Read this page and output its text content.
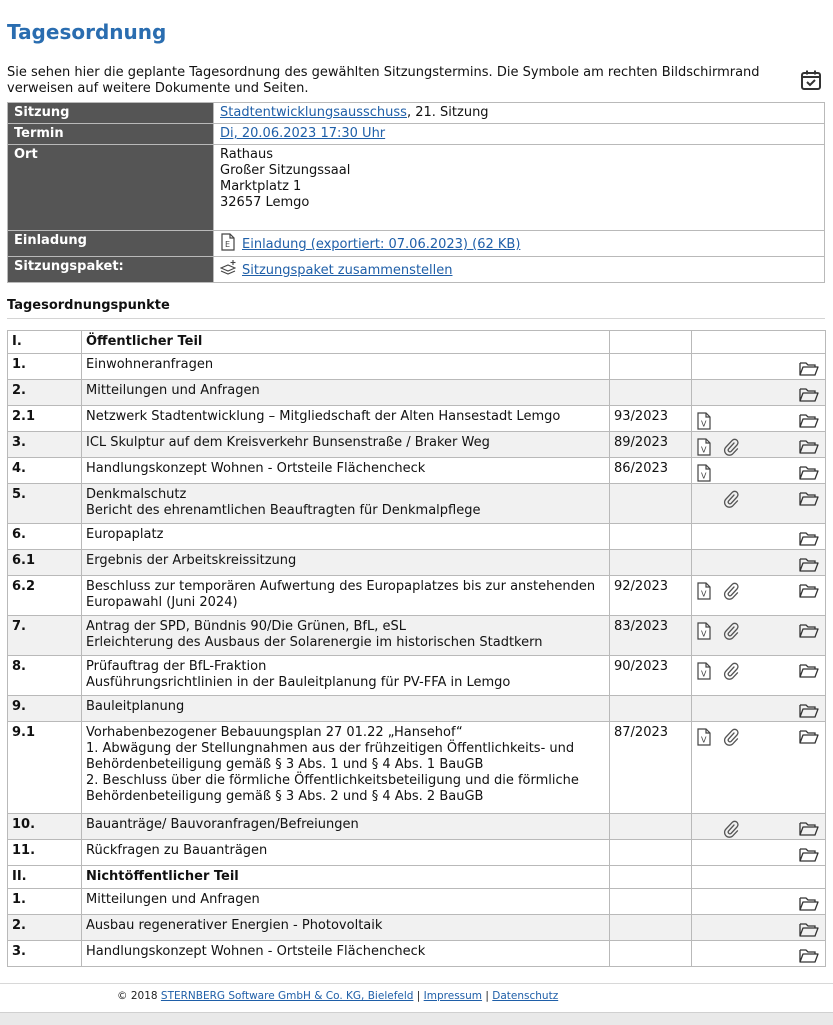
Tagesordnung

Sie sehen hier die geplante Tagesordnung des gewählten Sitzungstermins. Die Symbole am rechten Bildschirmrand verweisen auf weitere Dokumente und Seiten.

Sitzung	Stadtentwicklungsausschuss, 21. Sitzung
Termin	Di, 20.06.2023 17:30 Uhr
Ort	Rathaus
Großer Sitzungssaal
Marktplatz 1
32657 Lemgo

Einladung	E Einladung (exportiert: 07.06.2023) (62 KB)
Sitzungspaket:	Sitzungspaket zusammenstellen
Tagesordnungspunkte
I.	Öffentlicher Teil		

1.	Einwohneranfragen

2.	Mitteilungen und Anfragen

2.1	Netzwerk Stadtentwicklung – Mitgliedschaft der Alten Hansestadt Lemgo	93/2023	V

3.	ICL Skulptur auf dem Kreisverkehr Bunsenstraße / Braker Weg	89/2023	V

4.	Handlungskonzept Wohnen - Ortsteile Flächencheck	86/2023	V

5.	Denkmalschutz
Bericht des ehrenamtlichen Beauftragten für Denkmalpflege

6.	Europaplatz

6.1	Ergebnis der Arbeitskreissitzung

6.2	Beschluss zur temporären Aufwertung des Europaplatzes bis zur anstehenden
Europawahl (Juni 2024)	92/2023	V

7.	Antrag der SPD, Bündnis 90/Die Grünen, BfL, eSL
Erleichterung des Ausbaus der Solarenergie im historischen Stadtkern	83/2023	V

8.	Prüfauftrag der BfL-Fraktion
Ausführungsrichtlinien in der Bauleitplanung für PV-FFA in Lemgo	90/2023	V

9.	Bauleitplanung

9.1	Vorhabenbezogener Bebauungsplan 27 01.22 „Hansehof“
1. Abwägung der Stellungnahmen aus der frühzeitigen Öffentlichkeits- und
Behördenbeteiligung gemäß § 3 Abs. 1 und § 4 Abs. 1 BauGB
2. Beschluss über die förmliche Öffentlichkeitsbeteiligung und die förmliche
Behördenbeteiligung gemäß § 3 Abs. 2 und § 4 Abs. 2 BauGB	87/2023	V

10.	Bauanträge/ Bauvoranfragen/Befreiungen

11.	Rückfragen zu Bauanträgen

II.	Nichtöffentlicher Teil		

1.	Mitteilungen und Anfragen

2.	Ausbau regenerativer Energien - Photovoltaik

3.	Handlungskonzept Wohnen - Ortsteile Flächencheck

© 2018 STERNBERG Software GmbH & Co. KG, Bielefeld | Impressum | Datenschutz
